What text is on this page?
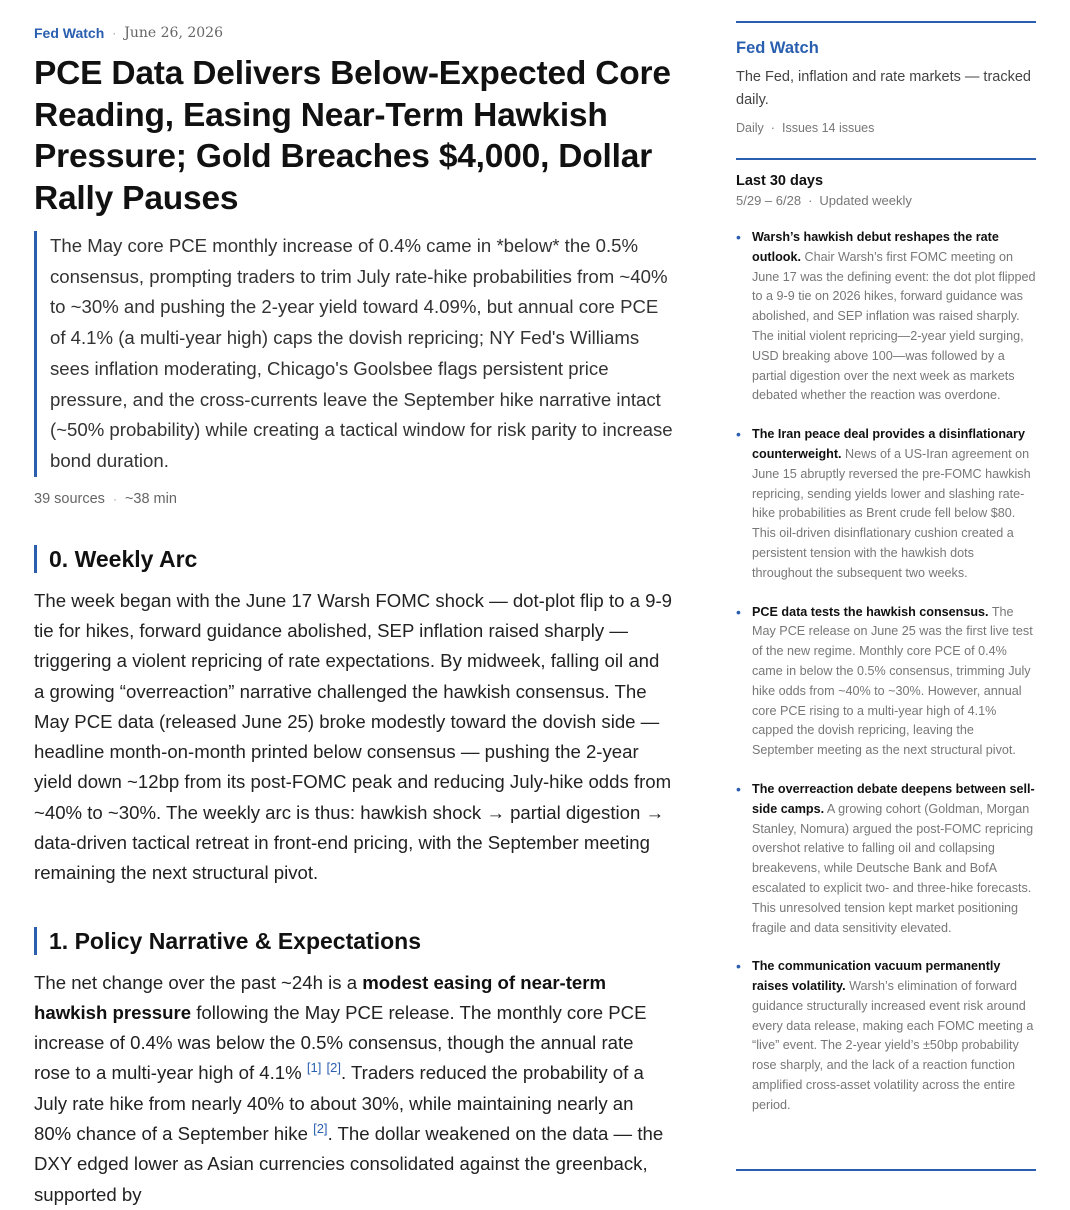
Fed Watch · June 26, 2026
PCE Data Delivers Below-Expected Core Reading, Easing Near-Term Hawkish Pressure; Gold Breaches $4,000, Dollar Rally Pauses
The May core PCE monthly increase of 0.4% came in *below* the 0.5% consensus, prompting traders to trim July rate-hike probabilities from ~40% to ~30% and pushing the 2-year yield toward 4.09%, but annual core PCE of 4.1% (a multi-year high) caps the dovish repricing; NY Fed's Williams sees inflation moderating, Chicago's Goolsbee flags persistent price pressure, and the cross-currents leave the September hike narrative intact (~50% probability) while creating a tactical window for risk parity to increase bond duration.
39 sources · ~38 min
0. Weekly Arc

The week began with the June 17 Warsh FOMC shock — dot-plot flip to a 9-9 tie for hikes, forward guidance abolished, SEP inflation raised sharply — triggering a violent repricing of rate expectations. By midweek, falling oil and a growing “overreaction” narrative challenged the hawkish consensus. The May PCE data (released June 25) broke modestly toward the dovish side — headline month-on-month printed below consensus — pushing the 2-year yield down ~12bp from its post-FOMC peak and reducing July-hike odds from ~40% to ~30%. The weekly arc is thus: hawkish shock → partial digestion → data-driven tactical retreat in front-end pricing, with the September meeting remaining the next structural pivot.

1. Policy Narrative & Expectations

The net change over the past ~24h is a modest easing of near-term hawkish pressure following the May PCE release. The monthly core PCE increase of 0.4% was below the 0.5% consensus, though the annual rate rose to a multi-year high of 4.1% [1] [2]. Traders reduced the probability of a July rate hike from nearly 40% to about 30%, while maintaining nearly an 80% chance of a September hike [2]. The dollar weakened on the data — the DXY edged lower as Asian currencies consolidated against the greenback, supported by

Fed Watch
The Fed, inflation and rate markets — tracked daily.
Daily · Issues 14 issues
Last 30 days
5/29 – 6/28 · Updated weekly
• Warsh’s hawkish debut reshapes the rate outlook. Chair Warsh’s first FOMC meeting on June 17 was the defining event: the dot plot flipped to a 9-9 tie on 2026 hikes, forward guidance was abolished, and SEP inflation was raised sharply. The initial violent repricing—2-year yield surging, USD breaking above 100—was followed by a partial digestion over the next week as markets debated whether the reaction was overdone.
• The Iran peace deal provides a disinflationary counterweight. News of a US-Iran agreement on June 15 abruptly reversed the pre-FOMC hawkish repricing, sending yields lower and slashing rate-hike probabilities as Brent crude fell below $80. This oil-driven disinflationary cushion created a persistent tension with the hawkish dots throughout the subsequent two weeks.
• PCE data tests the hawkish consensus. The May PCE release on June 25 was the first live test of the new regime. Monthly core PCE of 0.4% came in below the 0.5% consensus, trimming July hike odds from ~40% to ~30%. However, annual core PCE rising to a multi-year high of 4.1% capped the dovish repricing, leaving the September meeting as the next structural pivot.
• The overreaction debate deepens between sell-side camps. A growing cohort (Goldman, Morgan Stanley, Nomura) argued the post-FOMC repricing overshot relative to falling oil and collapsing breakevens, while Deutsche Bank and BofA escalated to explicit two- and three-hike forecasts. This unresolved tension kept market positioning fragile and data sensitivity elevated.
• The communication vacuum permanently raises volatility. Warsh’s elimination of forward guidance structurally increased event risk around every data release, making each FOMC meeting a “live” event. The 2-year yield’s ±50bp probability rose sharply, and the lack of a reaction function amplified cross-asset volatility across the entire period.
